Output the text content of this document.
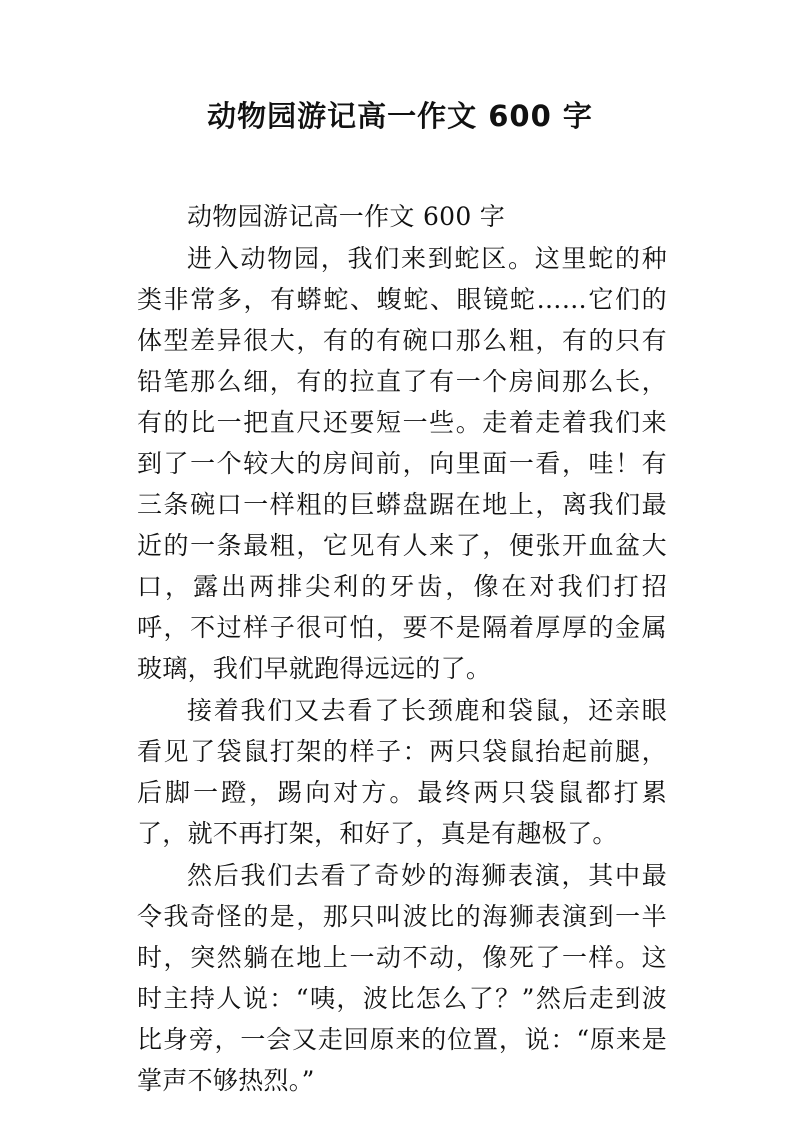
动物园游记高一作文 600 字

动物园游记高一作文 600 字

进入动物园，我们来到蛇区。这里蛇的种类非常多，有蟒蛇、蝮蛇、眼镜蛇……它们的体型差异很大，有的有碗口那么粗，有的只有铅笔那么细，有的拉直了有一个房间那么长，有的比一把直尺还要短一些。走着走着我们来到了一个较大的房间前，向里面一看，哇！有三条碗口一样粗的巨蟒盘踞在地上，离我们最近的一条最粗，它见有人来了，便张开血盆大口，露出两排尖利的牙齿，像在对我们打招呼，不过样子很可怕，要不是隔着厚厚的金属玻璃，我们早就跑得远远的了。

接着我们又去看了长颈鹿和袋鼠，还亲眼看见了袋鼠打架的样子：两只袋鼠抬起前腿，后脚一蹬，踢向对方。最终两只袋鼠都打累了，就不再打架，和好了，真是有趣极了。

然后我们去看了奇妙的海狮表演，其中最令我奇怪的是，那只叫波比的海狮表演到一半时，突然躺在地上一动不动，像死了一样。这时主持人说：“咦，波比怎么了？”然后走到波比身旁，一会又走回原来的位置，说：“原来是掌声不够热烈。”
